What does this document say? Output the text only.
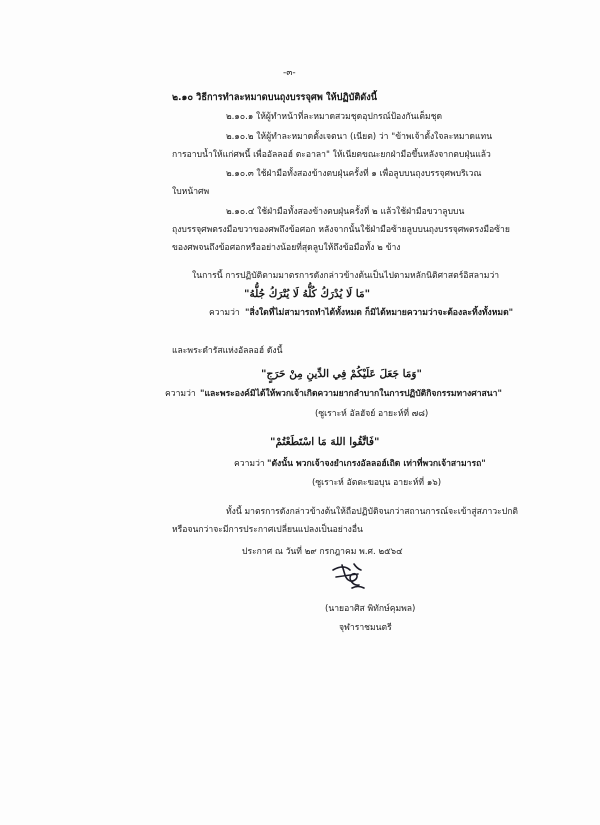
-๓-
๒.๑๐ วิธีการทำละหมาดบนถุงบรรจุศพ ให้ปฏิบัติดังนี้
๒.๑๐.๑ ให้ผู้ทำหน้าที่ละหมาดสวมชุดอุปกรณ์ป้องกันเต็มชุด
๒.๑๐.๒ ให้ผู้ทำละหมาดตั้งเจตนา (เนียต) ว่า "ข้าพเจ้าตั้งใจละหมาดแทน
การอาบน้ำให้แก่ศพนี้ เพื่ออัลลอฮ์ ตะอาลา" ให้เนียตขณะยกฝ่ามือขึ้นหลังจากตบฝุ่นแล้ว
๒.๑๐.๓ ใช้ฝ่ามือทั้งสองข้างตบฝุ่นครั้งที่ ๑ เพื่อลูบบนถุงบรรจุศพบริเวณ
ใบหน้าศพ
๒.๑๐.๔ ใช้ฝ่ามือทั้งสองข้างตบฝุ่นครั้งที่ ๒ แล้วใช้ฝ่ามือขวาลูบบน
ถุงบรรจุศพตรงมือขวาของศพถึงข้อศอก หลังจากนั้นใช้ฝ่ามือซ้ายลูบบนถุงบรรจุศพตรงมือซ้าย
ของศพจนถึงข้อศอกหรืออย่างน้อยที่สุดลูบให้ถึงข้อมือทั้ง ๒ ข้าง
ในการนี้ การปฏิบัติตามมาตรการดังกล่าวข้างต้นเป็นไปตามหลักนิติศาสตร์อิสลามว่า
"مَا لَا يُدْرَكُ كُلُّهُ لَا يُتْرَكُ جُلُّهُ"
ความว่า "สิ่งใดที่ไม่สามารถทำได้ทั้งหมด ก็มิได้หมายความว่าจะต้องละทิ้งทั้งหมด"
และพระดำรัสแห่งอัลลอฮ์ ดังนี้
"وَمَا جَعَلَ عَلَيْكُمْ فِي الدِّينِ مِنْ حَرَجٍ"
ความว่า "และพระองค์มิได้ให้พวกเจ้าเกิดความยากลำบากในการปฏิบัติกิจกรรมทางศาสนา"
(ซูเราะห์ อัลฮัจย์ อายะห์ที่ ๗๘)
"فَاتَّقُوا اللهَ مَا اسْتَطَعْتُمْ"
ความว่า "ดังนั้น พวกเจ้าจงยำเกรงอัลลอฮ์เถิด เท่าที่พวกเจ้าสามารถ"
(ซูเราะห์ อัตตะฆอบุน อายะห์ที่ ๑๖)
ทั้งนี้ มาตรการดังกล่าวข้างต้นให้ถือปฏิบัติจนกว่าสถานการณ์จะเข้าสู่สภาวะปกติ
หรือจนกว่าจะมีการประกาศเปลี่ยนแปลงเป็นอย่างอื่น
ประกาศ ณ วันที่ ๒๙ กรกฎาคม พ.ศ. ๒๕๖๔
(นายอาศิส พิทักษ์คุมพล)
จุฬาราชมนตรี
